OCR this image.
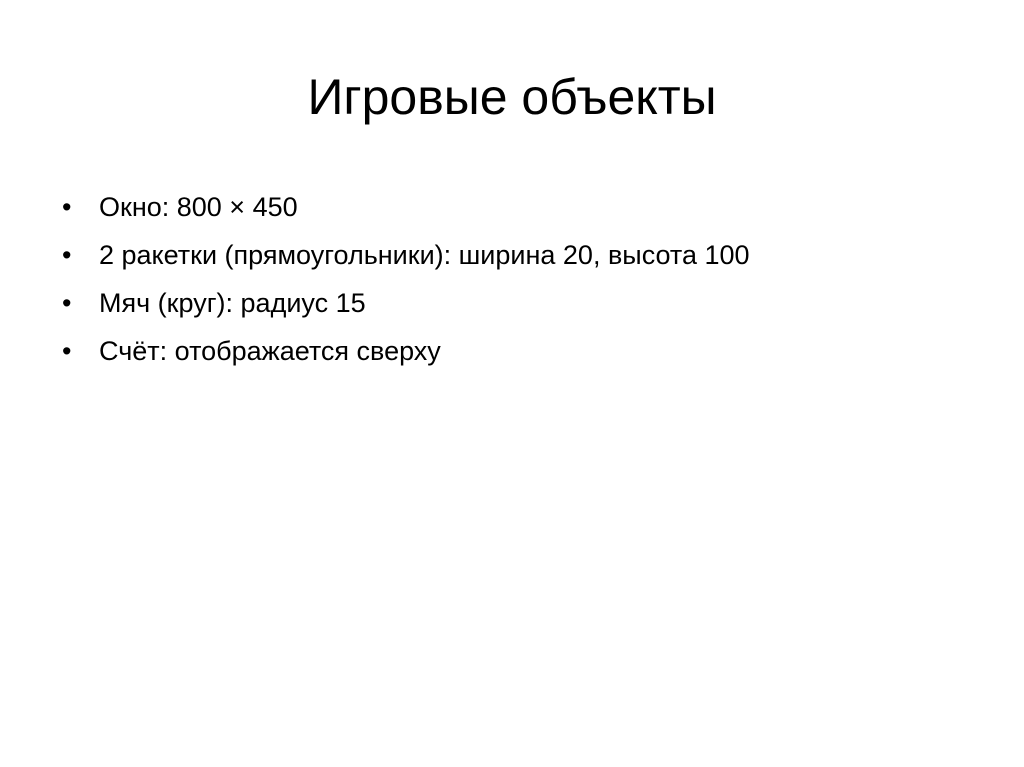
Игровые объекты
• Окно: 800 × 450
• 2 ракетки (прямоугольники): ширина 20, высота 100
• Мяч (круг): радиус 15
• Счёт: отображается сверху
